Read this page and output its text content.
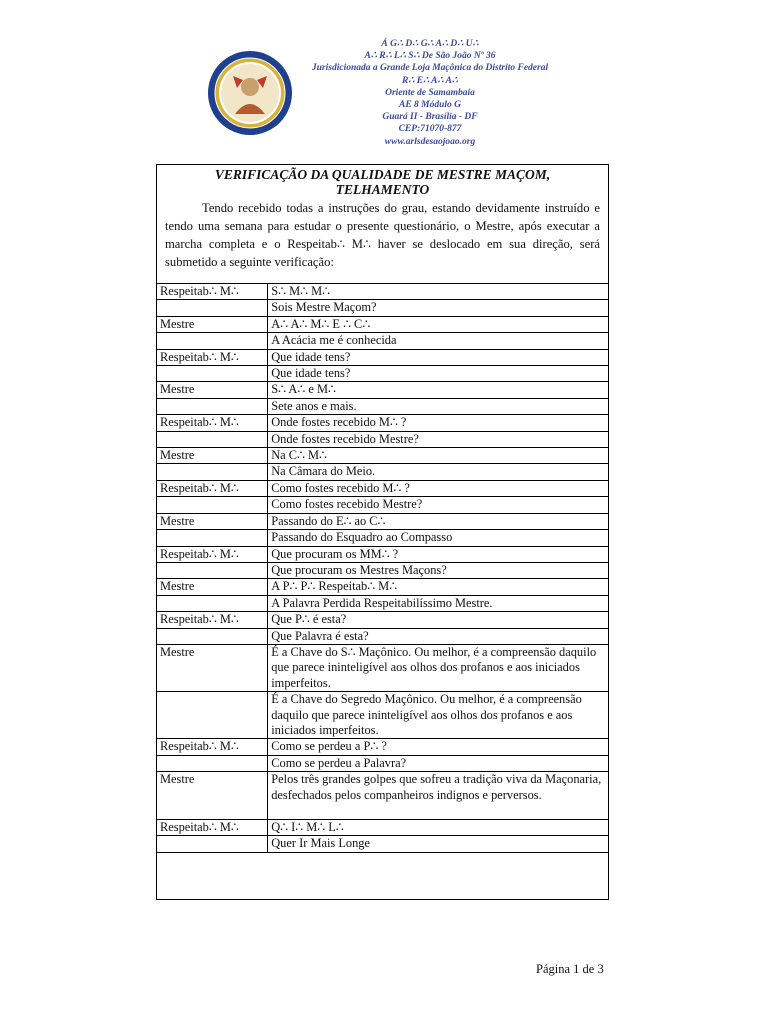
Á G∴ D∴ G∴ A∴ D∴ U∴
A∴ R∴ L∴ S∴ De São João Nº 36
Jurisdicionada a Grande Loja Maçônica do Distrito Federal
R∴ E∴ A∴ A∴
Oriente de Samambaia
AE 8 Módulo G
Guará II - Brasília - DF
CEP:71070-877
www.arlsdesaojoao.org
VERIFICAÇÃO DA QUALIDADE DE MESTRE MAÇOM,
TELHAMENTO
Tendo recebido todas a instruções do grau, estando devidamente instruído e tendo uma semana para estudar o presente questionário, o Mestre, após executar a marcha completa e o Respeitab∴ M∴ haver se deslocado em sua direção, será submetido a seguinte verificação:
Respeitab∴ M∴	S∴ M∴ M∴
	Sois Mestre Maçom?
Mestre	A∴ A∴ M∴ E ∴ C∴
	A Acácia me é conhecida
Respeitab∴ M∴	Que idade tens?
	Que idade tens?
Mestre	S∴ A∴ e M∴
	Sete anos e mais.
Respeitab∴ M∴	Onde fostes recebido M∴ ?
	Onde fostes recebido Mestre?
Mestre	Na C∴ M∴
	Na Câmara do Meio.
Respeitab∴ M∴	Como fostes recebido M∴ ?
	Como fostes recebido Mestre?
Mestre	Passando do E∴ ao C∴
	Passando do Esquadro ao Compasso
Respeitab∴ M∴	Que procuram os MM∴ ?
	Que procuram os Mestres Maçons?
Mestre	A P∴ P∴ Respeitab∴ M∴
	A Palavra Perdida Respeitabilíssimo Mestre.
Respeitab∴ M∴	Que P∴ é esta?
	Que Palavra é esta?
Mestre	É a Chave do S∴ Maçônico. Ou melhor, é a compreensão daquilo que parece ininteligível aos olhos dos profanos e aos iniciados imperfeitos.
	É a Chave do Segredo Maçônico. Ou melhor, é a compreensão daquilo que parece ininteligível aos olhos dos profanos e aos iniciados imperfeitos.
Respeitab∴ M∴	Como se perdeu a P∴ ?
	Como se perdeu a Palavra?
Mestre	Pelos três grandes golpes que sofreu a tradição viva da Maçonaria, desfechados pelos companheiros indignos e perversos.
Respeitab∴ M∴	Q∴ I∴ M∴ L∴
	Quer Ir Mais Longe
Página 1 de 3
